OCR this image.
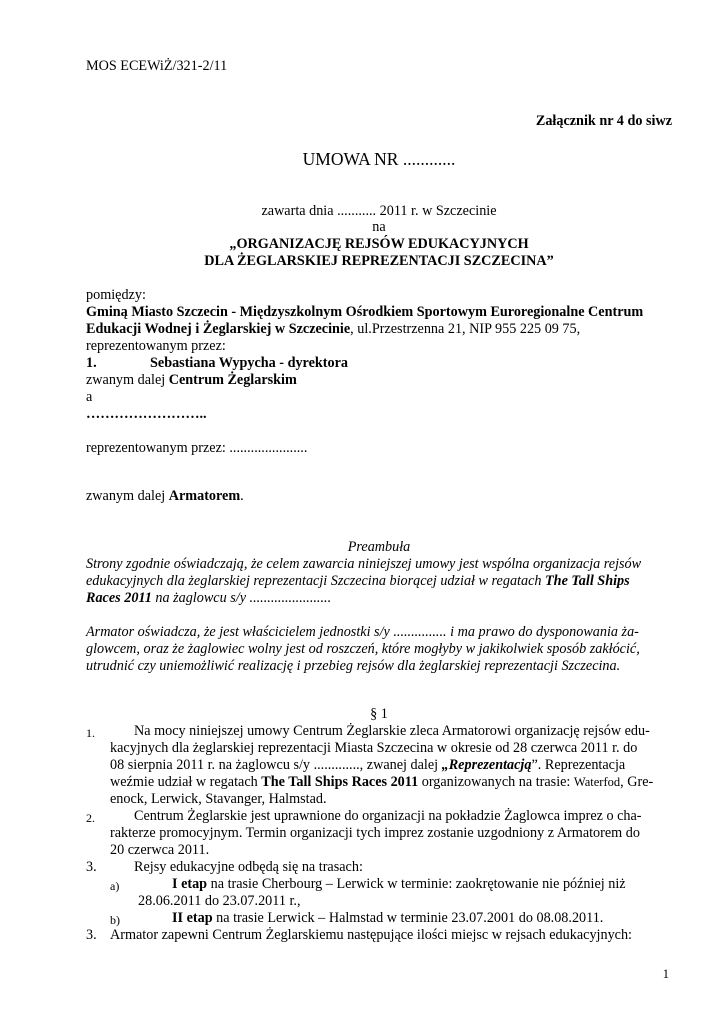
MOS ECEWiŻ/321-2/11
Załącznik nr 4 do siwz
UMOWA NR ............
zawarta dnia ........... 2011 r. w Szczecinie
na
„ORGANIZACJĘ REJSÓW EDUKACYJNYCH
DLA ŻEGLARSKIEJ REPREZENTACJI SZCZECINA”
pomiędzy:
Gminą Miasto Szczecin - Międzyszkolnym Ośrodkiem Sportowym Euroregionalne Centrum
Edukacji Wodnej i Żeglarskiej w Szczecinie, ul.Przestrzenna 21, NIP 955 225 09 75,
reprezentowanym przez:
1.	Sebastiana Wypycha - dyrektora
zwanym dalej Centrum Żeglarskim
a
……………………..
reprezentowanym przez: ......................
zwanym dalej Armatorem.
Preambuła
Strony zgodnie oświadczają, że celem zawarcia niniejszej umowy jest wspólna organizacja rejsów
edukacyjnych dla żeglarskiej reprezentacji Szczecina biorącej udział w regatach The Tall Ships
Races 2011 na żaglowcu s/y .......................
Armator oświadcza, że jest właścicielem jednostki s/y ............... i ma prawo do dysponowania ża-
glowcem, oraz że żaglowiec wolny jest od roszczeń, które mogłyby w jakikolwiek sposób zakłócić,
utrudnić czy uniemożliwić realizację i przebieg rejsów dla żeglarskiej reprezentacji Szczecina.
§ 1
1.	Na mocy niniejszej umowy Centrum Żeglarskie zleca Armatorowi organizację rejsów edu-
kacyjnych dla żeglarskiej reprezentacji Miasta Szczecina w okresie od 28 czerwca 2011 r. do
08 sierpnia 2011 r. na żaglowcu s/y ............., zwanej dalej „Reprezentacją”. Reprezentacja
weźmie udział w regatach The Tall Ships Races 2011 organizowanych na trasie: Waterfod, Gre-
enock, Lerwick, Stavanger, Halmstad.
2.	Centrum Żeglarskie jest uprawnione do organizacji na pokładzie Żaglowca imprez o cha-
rakterze promocyjnym. Termin organizacji tych imprez zostanie uzgodniony z Armatorem do
20 czerwca 2011.
3.	Rejsy edukacyjne odbędą się na trasach:
a)	I etap na trasie Cherbourg – Lerwick w terminie: zaokrętowanie nie później niż
28.06.2011 do 23.07.2011 r.,
b)	II etap na trasie Lerwick – Halmstad w terminie 23.07.2001 do 08.08.2011.
3. Armator zapewni Centrum Żeglarskiemu następujące ilości miejsc w rejsach edukacyjnych:
1
